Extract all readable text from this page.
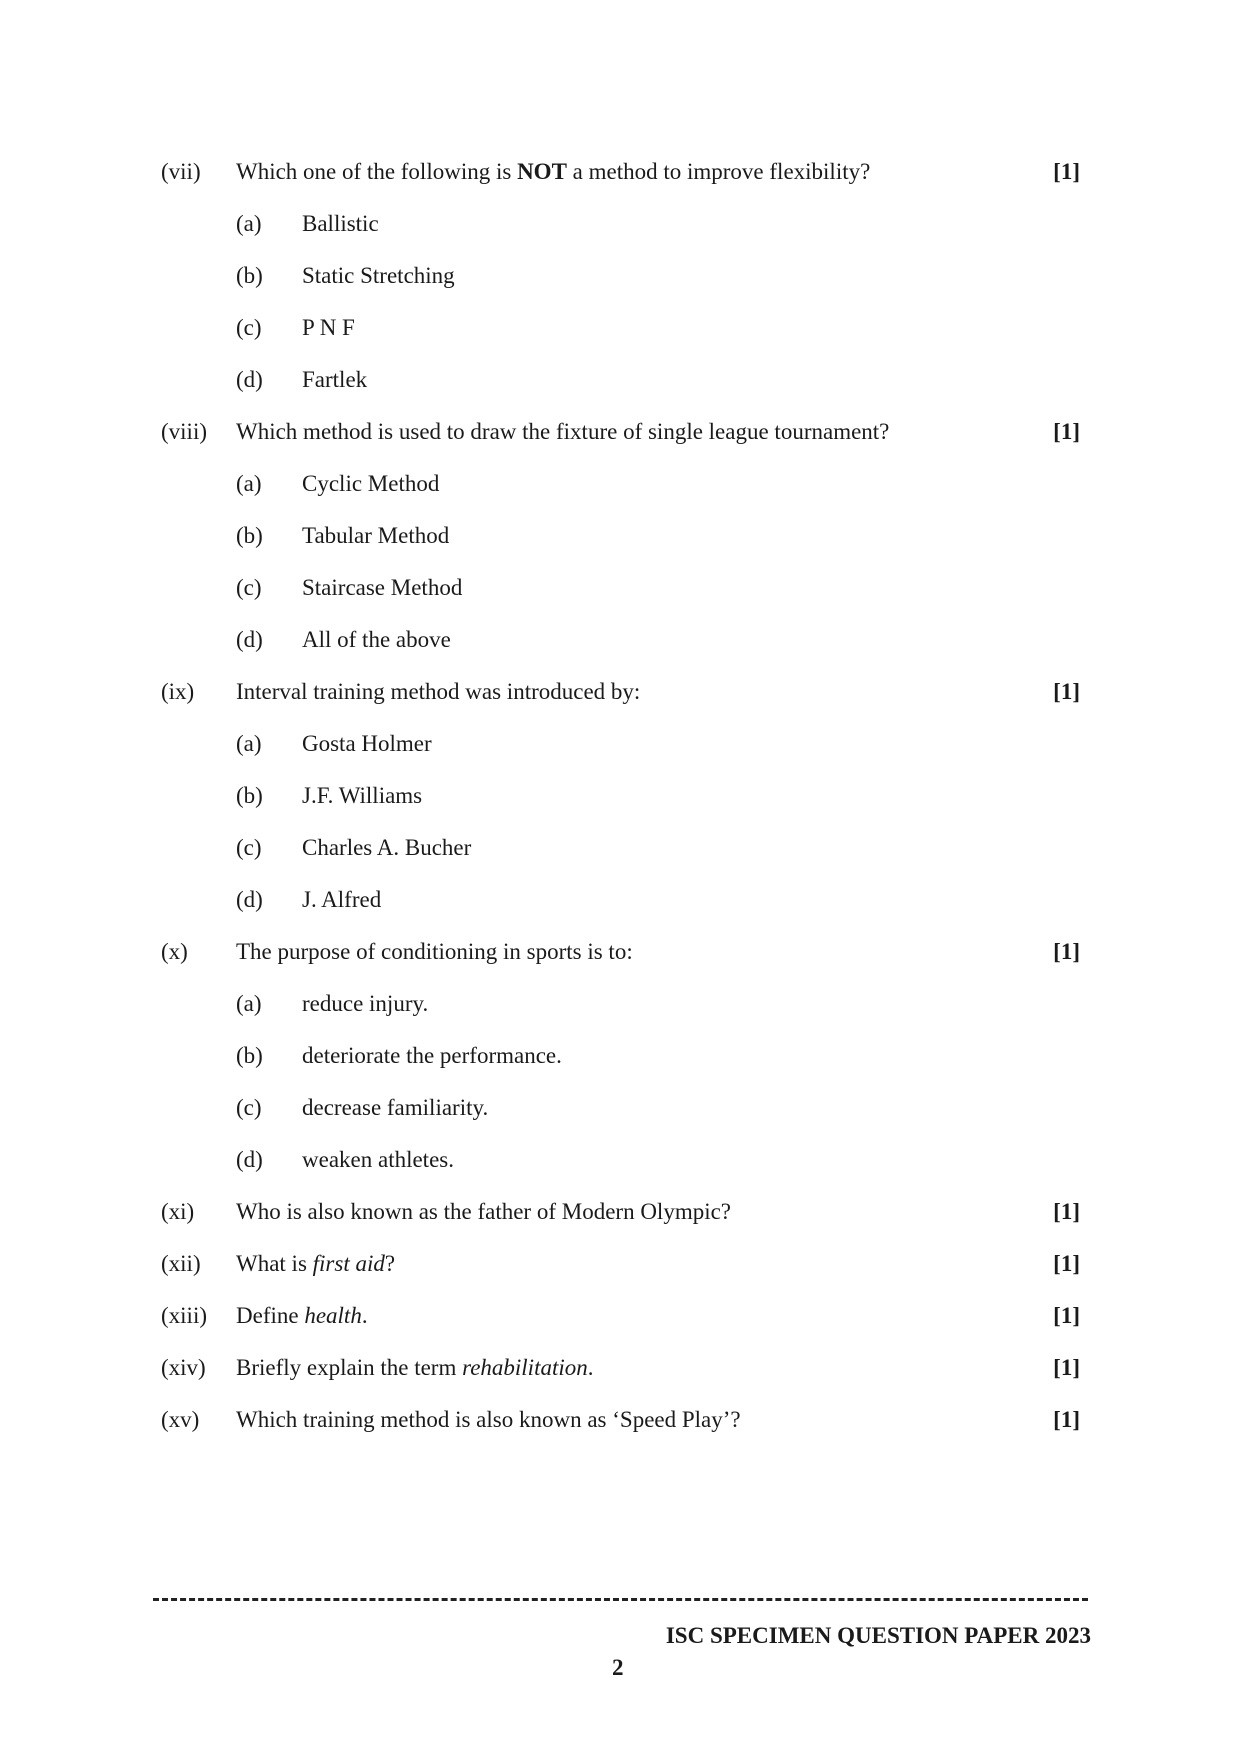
(vii) Which one of the following is NOT a method to improve flexibility?	[1]
(a) Ballistic
(b) Static Stretching
(c) P N F
(d) Fartlek
(viii) Which method is used to draw the fixture of single league tournament?	[1]
(a) Cyclic Method
(b) Tabular Method
(c) Staircase Method
(d) All of the above
(ix) Interval training method was introduced by:	[1]
(a) Gosta Holmer
(b) J.F. Williams
(c) Charles A. Bucher
(d) J. Alfred
(x) The purpose of conditioning in sports is to:	[1]
(a) reduce injury.
(b) deteriorate the performance.
(c) decrease familiarity.
(d) weaken athletes.
(xi) Who is also known as the father of Modern Olympic?	[1]
(xii) What is first aid?	[1]
(xiii) Define health.	[1]
(xiv) Briefly explain the term rehabilitation.	[1]
(xv) Which training method is also known as ‘Speed Play’?	[1]
ISC SPECIMEN QUESTION PAPER 2023
2
